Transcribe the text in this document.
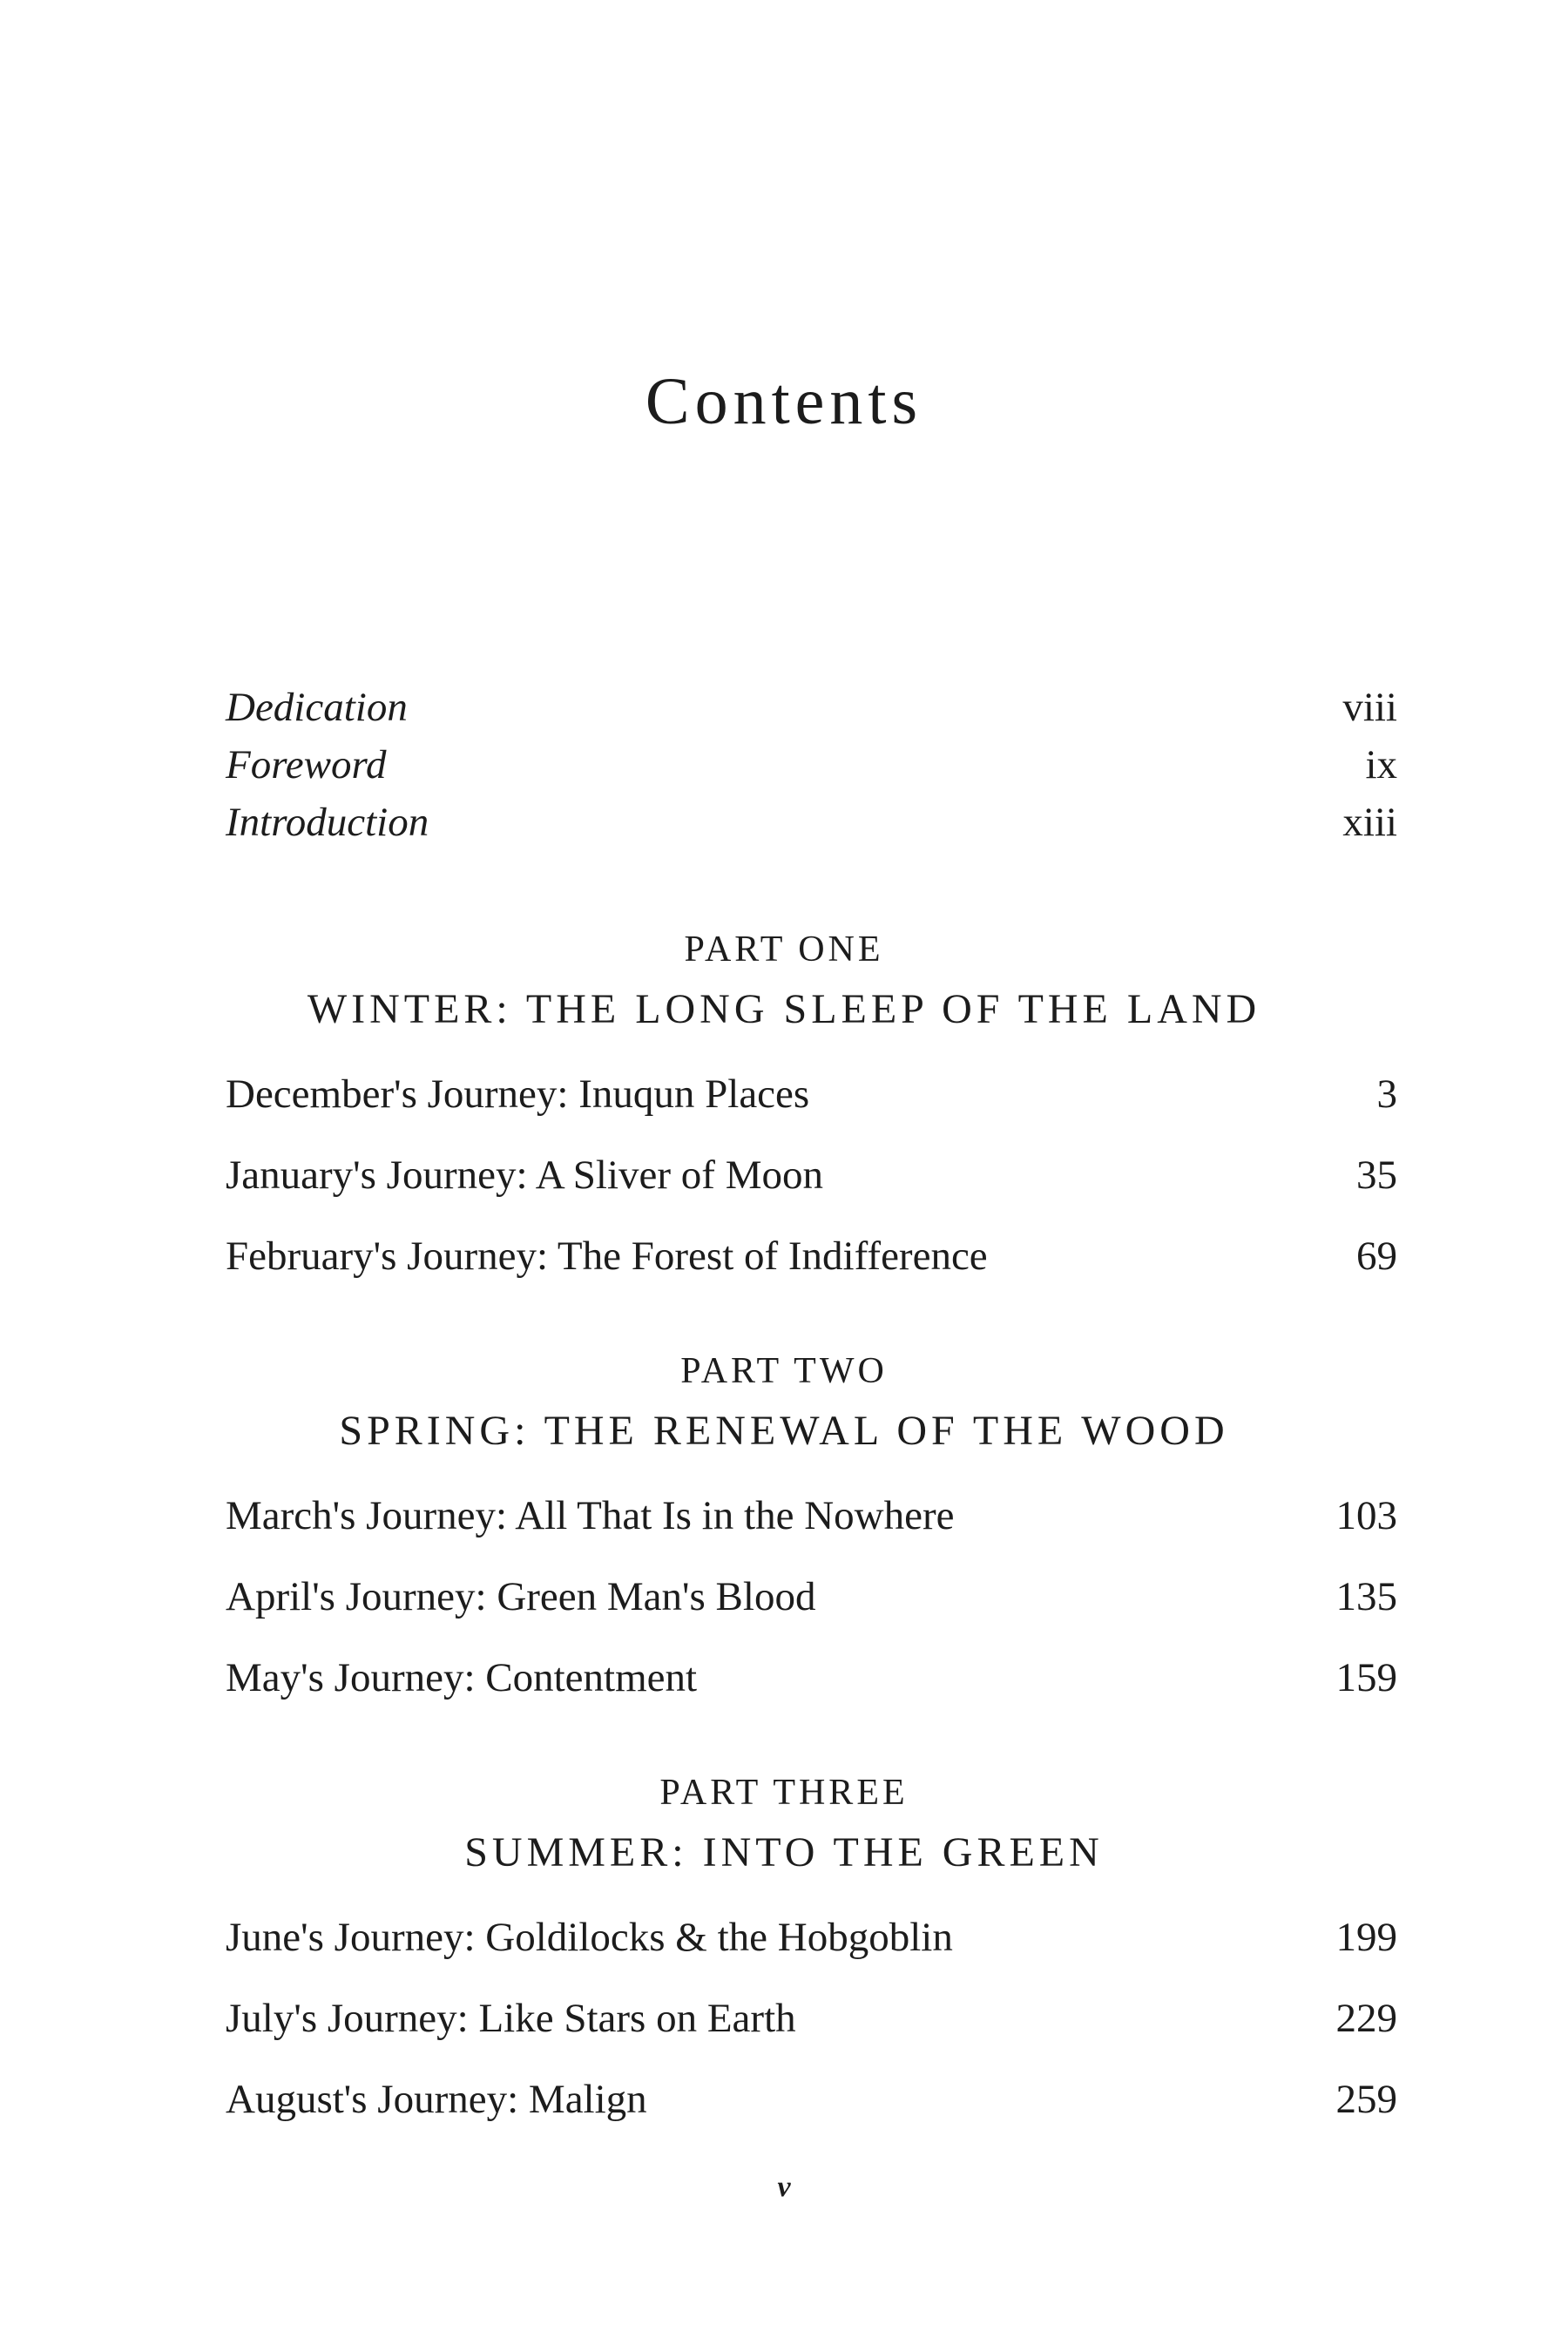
Contents
Dedication	viii
Foreword	ix
Introduction	xiii
PART ONE
WINTER: THE LONG SLEEP OF THE LAND
December's Journey: Inuqun Places	3
January's Journey: A Sliver of Moon	35
February's Journey: The Forest of Indifference	69
PART TWO
SPRING: THE RENEWAL OF THE WOOD
March's Journey: All That Is in the Nowhere	103
April's Journey: Green Man's Blood	135
May's Journey: Contentment	159
PART THREE
SUMMER: INTO THE GREEN
June's Journey: Goldilocks & the Hobgoblin	199
July's Journey: Like Stars on Earth	229
August's Journey: Malign	259
v
